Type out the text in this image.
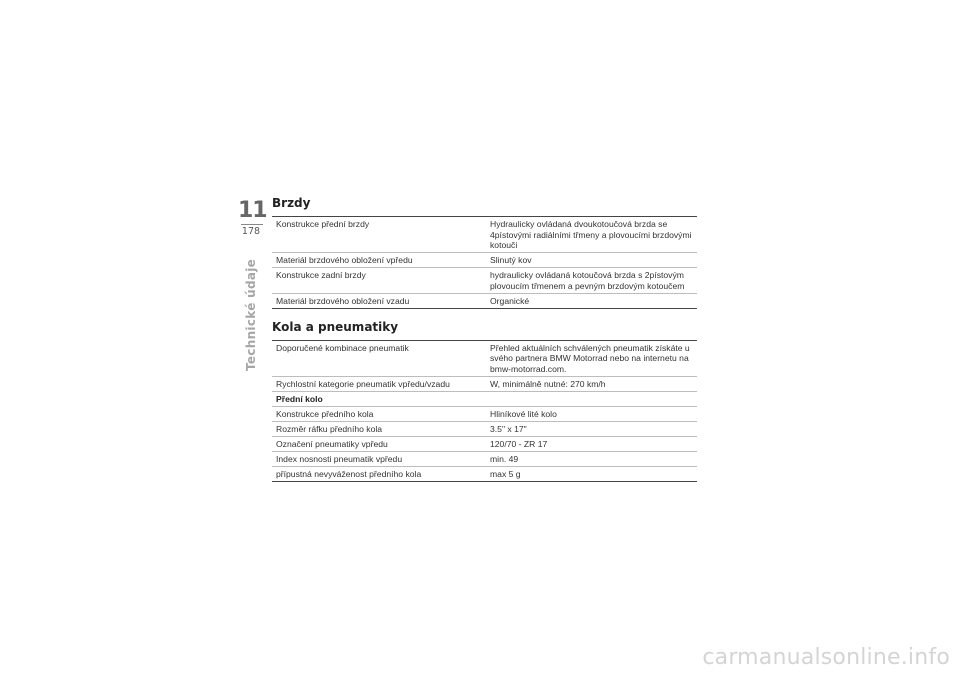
11
178
Technické údaje
Brzdy
Konstrukce přední brzdy	Hydraulicky ovládaná dvoukotoučová brzda se 4pístovými radiálními třmeny a plovoucími brzdovými kotouči
Materiál brzdového obložení vpředu	Slinutý kov
Konstrukce zadní brzdy	hydraulicky ovládaná kotoučová brzda s 2pístovým plovoucím třmenem a pevným brzdovým kotoučem
Materiál brzdového obložení vzadu	Organické
Kola a pneumatiky
Doporučené kombinace pneumatik	Přehled aktuálních schválených pneumatik získáte u svého partnera BMW Motorrad nebo na internetu na bmw-motorrad.com.
Rychlostní kategorie pneumatik vpředu/vzadu	W, minimálně nutné: 270 km/h
Přední kolo	
Konstrukce předního kola	Hliníkové lité kolo
Rozměr ráfku předního kola	3.5" x 17"
Označení pneumatiky vpředu	120/70 - ZR 17
Index nosnosti pneumatik vpředu	min. 49
přípustná nevyváženost předního kola	max 5 g
carmanualsonline.info
